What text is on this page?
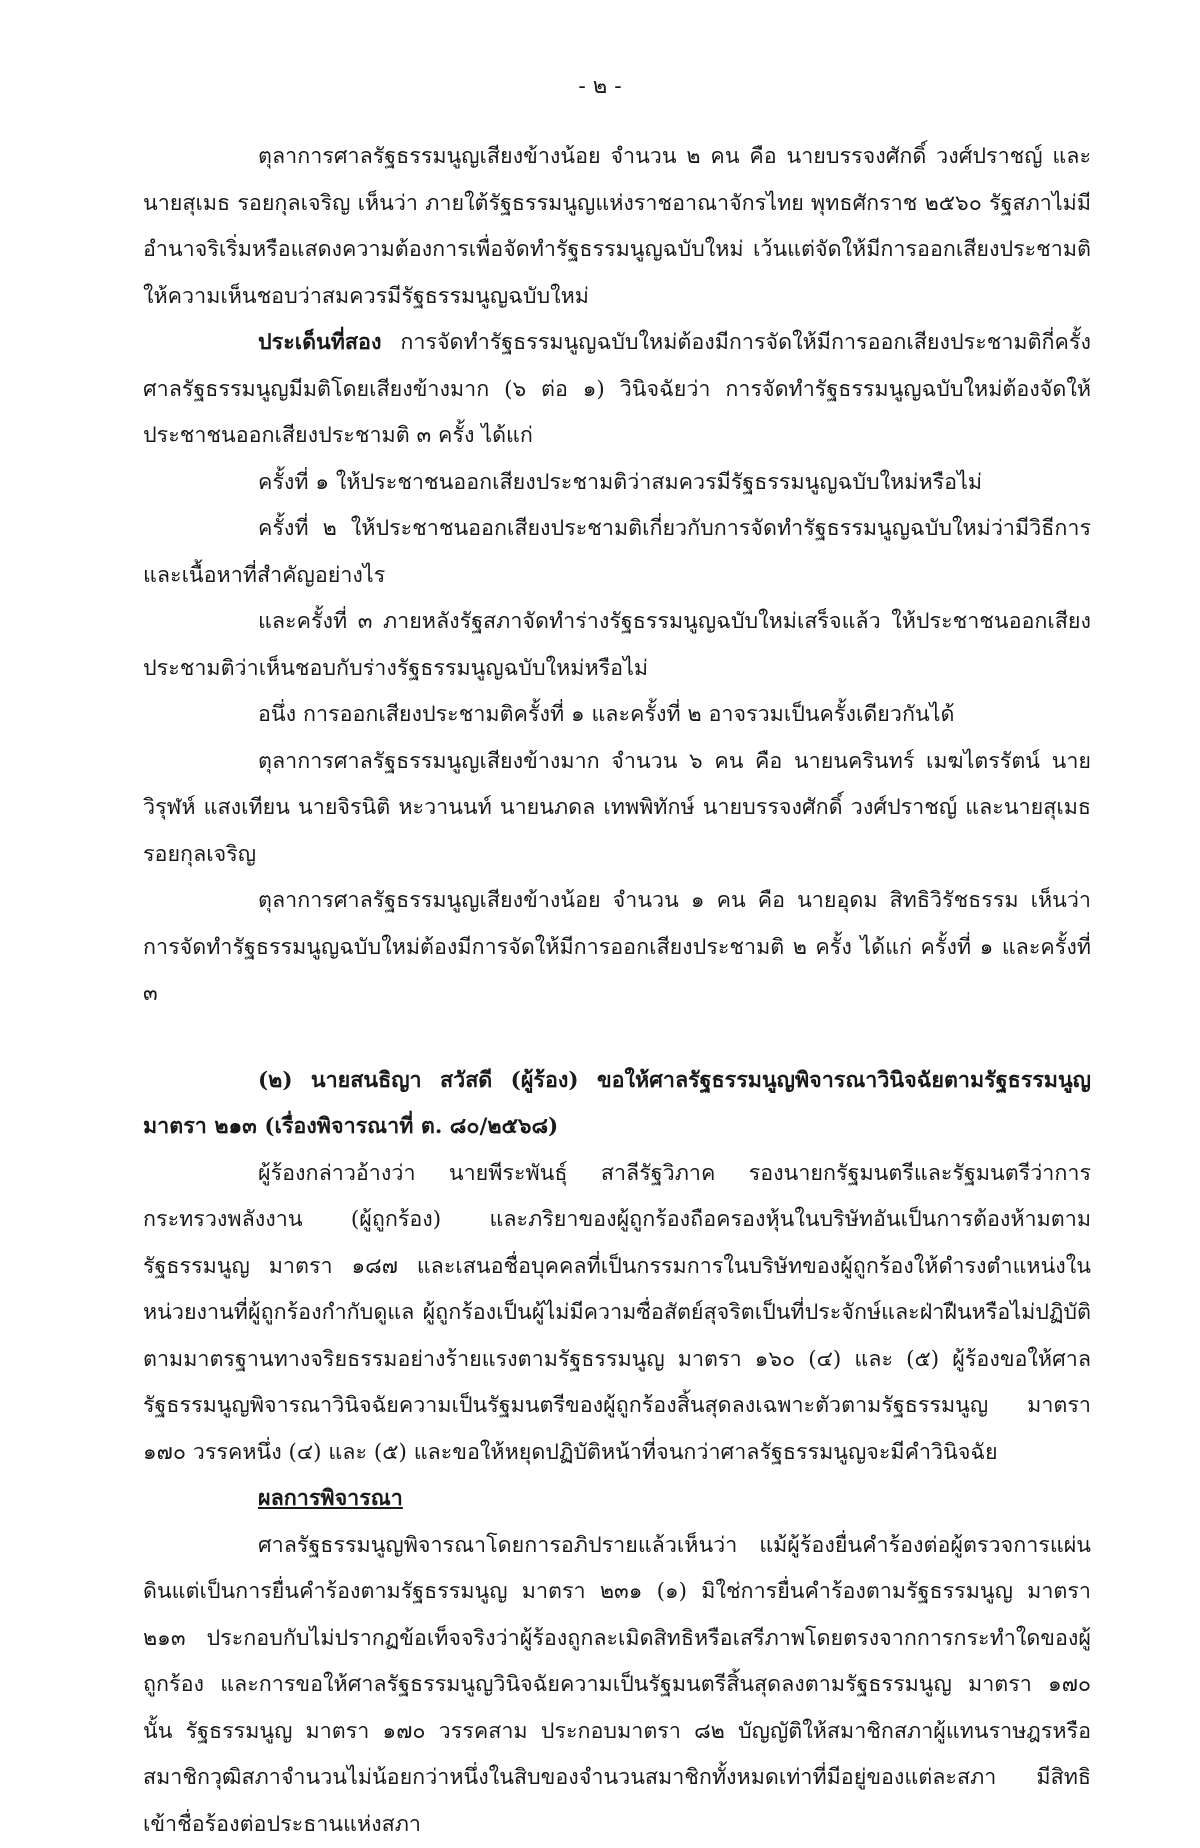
- ๒ -

ตุลาการศาลรัฐธรรมนูญเสียงข้างน้อย จำนวน ๒ คน คือ นายบรรจงศักดิ์ วงศ์ปราชญ์ และนายสุเมธ รอยกุลเจริญ เห็นว่า ภายใต้รัฐธรรมนูญแห่งราชอาณาจักรไทย พุทธศักราช ๒๕๖๐ รัฐสภาไม่มีอำนาจริเริ่มหรือแสดงความต้องการเพื่อจัดทำรัฐธรรมนูญฉบับใหม่ เว้นแต่จัดให้มีการออกเสียงประชามติให้ความเห็นชอบว่าสมควรมีรัฐธรรมนูญฉบับใหม่

ประเด็นที่สอง การจัดทำรัฐธรรมนูญฉบับใหม่ต้องมีการจัดให้มีการออกเสียงประชามติกี่ครั้ง ศาลรัฐธรรมนูญมีมติโดยเสียงข้างมาก (๖ ต่อ ๑) วินิจฉัยว่า การจัดทำรัฐธรรมนูญฉบับใหม่ต้องจัดให้ประชาชนออกเสียงประชามติ ๓ ครั้ง ได้แก่

ครั้งที่ ๑ ให้ประชาชนออกเสียงประชามติว่าสมควรมีรัฐธรรมนูญฉบับใหม่หรือไม่

ครั้งที่ ๒ ให้ประชาชนออกเสียงประชามติเกี่ยวกับการจัดทำรัฐธรรมนูญฉบับใหม่ว่ามีวิธีการและเนื้อหาที่สำคัญอย่างไร

และครั้งที่ ๓ ภายหลังรัฐสภาจัดทำร่างรัฐธรรมนูญฉบับใหม่เสร็จแล้ว ให้ประชาชนออกเสียงประชามติว่าเห็นชอบกับร่างรัฐธรรมนูญฉบับใหม่หรือไม่

อนึ่ง การออกเสียงประชามติครั้งที่ ๑ และครั้งที่ ๒ อาจรวมเป็นครั้งเดียวกันได้

ตุลาการศาลรัฐธรรมนูญเสียงข้างมาก จำนวน ๖ คน คือ นายนครินทร์ เมฆไตรรัตน์ นายวิรุฬห์ แสงเทียน นายจิรนิติ หะวานนท์ นายนภดล เทพพิทักษ์ นายบรรจงศักดิ์ วงศ์ปราชญ์ และนายสุเมธ รอยกุลเจริญ

ตุลาการศาลรัฐธรรมนูญเสียงข้างน้อย จำนวน ๑ คน คือ นายอุดม สิทธิวิรัชธรรม เห็นว่า การจัดทำรัฐธรรมนูญฉบับใหม่ต้องมีการจัดให้มีการออกเสียงประชามติ ๒ ครั้ง ได้แก่ ครั้งที่ ๑ และครั้งที่ ๓

(๒) นายสนธิญา สวัสดี (ผู้ร้อง) ขอให้ศาลรัฐธรรมนูญพิจารณาวินิจฉัยตามรัฐธรรมนูญ มาตรา ๒๑๓ (เรื่องพิจารณาที่ ต. ๘๐/๒๕๖๘)

ผู้ร้องกล่าวอ้างว่า นายพีระพันธุ์ สาลีรัฐวิภาค รองนายกรัฐมนตรีและรัฐมนตรีว่าการกระทรวงพลังงาน (ผู้ถูกร้อง) และภริยาของผู้ถูกร้องถือครองหุ้นในบริษัทอันเป็นการต้องห้ามตามรัฐธรรมนูญ มาตรา ๑๘๗ และเสนอชื่อบุคคลที่เป็นกรรมการในบริษัทของผู้ถูกร้องให้ดำรงตำแหน่งในหน่วยงานที่ผู้ถูกร้องกำกับดูแล ผู้ถูกร้องเป็นผู้ไม่มีความซื่อสัตย์สุจริตเป็นที่ประจักษ์และฝ่าฝืนหรือไม่ปฏิบัติตามมาตรฐานทางจริยธรรมอย่างร้ายแรงตามรัฐธรรมนูญ มาตรา ๑๖๐ (๔) และ (๕) ผู้ร้องขอให้ศาลรัฐธรรมนูญพิจารณาวินิจฉัยความเป็นรัฐมนตรีของผู้ถูกร้องสิ้นสุดลงเฉพาะตัวตามรัฐธรรมนูญ มาตรา ๑๗๐ วรรคหนึ่ง (๔) และ (๕) และขอให้หยุดปฏิบัติหน้าที่จนกว่าศาลรัฐธรรมนูญจะมีคำวินิจฉัย

ผลการพิจารณา

ศาลรัฐธรรมนูญพิจารณาโดยการอภิปรายแล้วเห็นว่า แม้ผู้ร้องยื่นคำร้องต่อผู้ตรวจการแผ่นดินแต่เป็นการยื่นคำร้องตามรัฐธรรมนูญ มาตรา ๒๓๑ (๑) มิใช่การยื่นคำร้องตามรัฐธรรมนูญ มาตรา ๒๑๓ ประกอบกับไม่ปรากฏข้อเท็จจริงว่าผู้ร้องถูกละเมิดสิทธิหรือเสรีภาพโดยตรงจากการกระทำใดของผู้ถูกร้อง และการขอให้ศาลรัฐธรรมนูญวินิจฉัยความเป็นรัฐมนตรีสิ้นสุดลงตามรัฐธรรมนูญ มาตรา ๑๗๐ นั้น รัฐธรรมนูญ มาตรา ๑๗๐ วรรคสาม ประกอบมาตรา ๘๒ บัญญัติให้สมาชิกสภาผู้แทนราษฎรหรือสมาชิกวุฒิสภาจำนวนไม่น้อยกว่าหนึ่งในสิบของจำนวนสมาชิกทั้งหมดเท่าที่มีอยู่ของแต่ละสภา มีสิทธิเข้าชื่อร้องต่อประธานแห่งสภา
